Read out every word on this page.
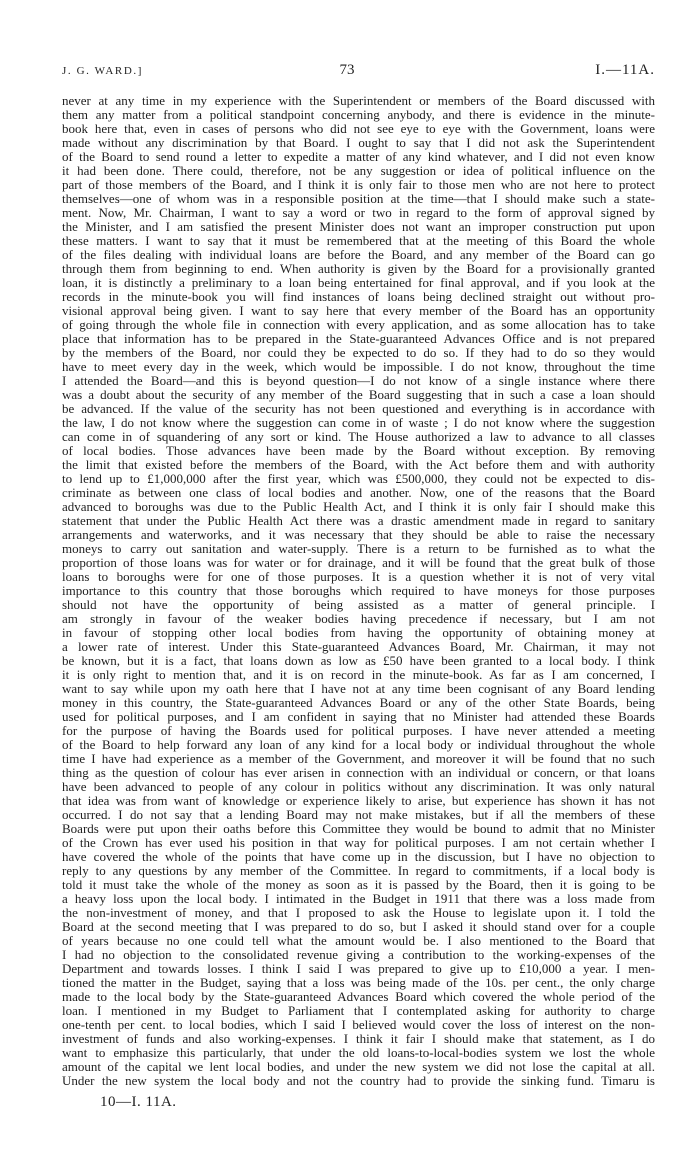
J. G. WARD.]	73	I.—11A.
never at any time in my experience with the Superintendent or members of the Board discussed with
them any matter from a political standpoint concerning anybody, and there is evidence in the minute-
book here that, even in cases of persons who did not see eye to eye with the Government, loans were
made without any discrimination by that Board. I ought to say that I did not ask the Superintendent
of the Board to send round a letter to expedite a matter of any kind whatever, and I did not even know
it had been done. There could, therefore, not be any suggestion or idea of political influence on the
part of those members of the Board, and I think it is only fair to those men who are not here to protect
themselves—one of whom was in a responsible position at the time—that I should make such a state-
ment. Now, Mr. Chairman, I want to say a word or two in regard to the form of approval signed by
the Minister, and I am satisfied the present Minister does not want an improper construction put upon
these matters. I want to say that it must be remembered that at the meeting of this Board the whole
of the files dealing with individual loans are before the Board, and any member of the Board can go
through them from beginning to end. When authority is given by the Board for a provisionally granted
loan, it is distinctly a preliminary to a loan being entertained for final approval, and if you look at the
records in the minute-book you will find instances of loans being declined straight out without pro-
visional approval being given. I want to say here that every member of the Board has an opportunity
of going through the whole file in connection with every application, and as some allocation has to take
place that information has to be prepared in the State-guaranteed Advances Office and is not prepared
by the members of the Board, nor could they be expected to do so. If they had to do so they would
have to meet every day in the week, which would be impossible. I do not know, throughout the time
I attended the Board—and this is beyond question—I do not know of a single instance where there
was a doubt about the security of any member of the Board suggesting that in such a case a loan should
be advanced. If the value of the security has not been questioned and everything is in accordance with
the law, I do not know where the suggestion can come in of waste ; I do not know where the suggestion
can come in of squandering of any sort or kind. The House authorized a law to advance to all classes
of local bodies. Those advances have been made by the Board without exception. By removing
the limit that existed before the members of the Board, with the Act before them and with authority
to lend up to £1,000,000 after the first year, which was £500,000, they could not be expected to dis-
criminate as between one class of local bodies and another. Now, one of the reasons that the Board
advanced to boroughs was due to the Public Health Act, and I think it is only fair I should make this
statement that under the Public Health Act there was a drastic amendment made in regard to sanitary
arrangements and waterworks, and it was necessary that they should be able to raise the necessary
moneys to carry out sanitation and water-supply. There is a return to be furnished as to what the
proportion of those loans was for water or for drainage, and it will be found that the great bulk of those
loans to boroughs were for one of those purposes. It is a question whether it is not of very vital
importance to this country that those boroughs which required to have moneys for those purposes
should not have the opportunity of being assisted as a matter of general principle. I
am strongly in favour of the weaker bodies having precedence if necessary, but I am not
in favour of stopping other local bodies from having the opportunity of obtaining money at
a lower rate of interest. Under this State-guaranteed Advances Board, Mr. Chairman, it may not
be known, but it is a fact, that loans down as low as £50 have been granted to a local body. I think
it is only right to mention that, and it is on record in the minute-book. As far as I am concerned, I
want to say while upon my oath here that I have not at any time been cognisant of any Board lending
money in this country, the State-guaranteed Advances Board or any of the other State Boards, being
used for political purposes, and I am confident in saying that no Minister had attended these Boards
for the purpose of having the Boards used for political purposes. I have never attended a meeting
of the Board to help forward any loan of any kind for a local body or individual throughout the whole
time I have had experience as a member of the Government, and moreover it will be found that no such
thing as the question of colour has ever arisen in connection with an individual or concern, or that loans
have been advanced to people of any colour in politics without any discrimination. It was only natural
that idea was from want of knowledge or experience likely to arise, but experience has shown it has not
occurred. I do not say that a lending Board may not make mistakes, but if all the members of these
Boards were put upon their oaths before this Committee they would be bound to admit that no Minister
of the Crown has ever used his position in that way for political purposes. I am not certain whether I
have covered the whole of the points that have come up in the discussion, but I have no objection to
reply to any questions by any member of the Committee. In regard to commitments, if a local body is
told it must take the whole of the money as soon as it is passed by the Board, then it is going to be
a heavy loss upon the local body. I intimated in the Budget in 1911 that there was a loss made from
the non-investment of money, and that I proposed to ask the House to legislate upon it. I told the
Board at the second meeting that I was prepared to do so, but I asked it should stand over for a couple
of years because no one could tell what the amount would be. I also mentioned to the Board that
I had no objection to the consolidated revenue giving a contribution to the working-expenses of the
Department and towards losses. I think I said I was prepared to give up to £10,000 a year. I men-
tioned the matter in the Budget, saying that a loss was being made of the 10s. per cent., the only charge
made to the local body by the State-guaranteed Advances Board which covered the whole period of the
loan. I mentioned in my Budget to Parliament that I contemplated asking for authority to charge
one-tenth per cent. to local bodies, which I said I believed would cover the loss of interest on the non-
investment of funds and also working-expenses. I think it fair I should make that statement, as I do
want to emphasize this particularly, that under the old loans-to-local-bodies system we lost the whole
amount of the capital we lent local bodies, and under the new system we did not lose the capital at all.
Under the new system the local body and not the country had to provide the sinking fund. Timaru is
10—I. 11A.
